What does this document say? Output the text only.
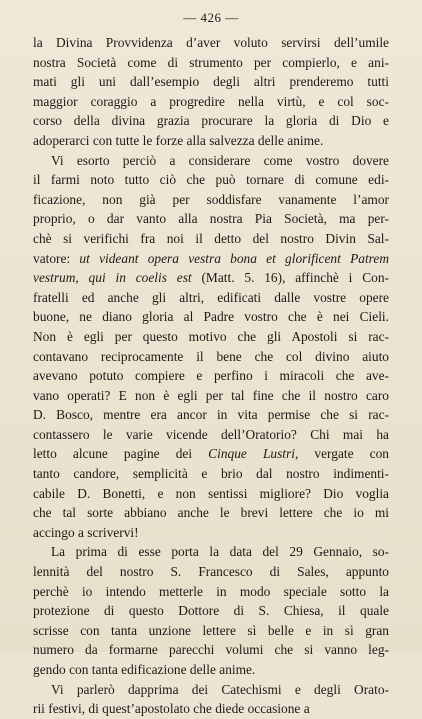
— 426 —
la Divina Provvidenza d’aver voluto servirsi dell’umile
nostra Società come di strumento per compierlo, e ani-
mati gli uni dall’esempio degli altri prenderemo tutti
maggior coraggio a progredire nella virtù, e col soc-
corso della divina grazia procurare la gloria di Dio e
adoperarci con tutte le forze alla salvezza delle anime.
Vi esorto perciò a considerare come vostro dovere
il farmi noto tutto ciò che può tornare di comune edi-
ficazione, non già per soddisfare vanamente l’amor
proprio, o dar vanto alla nostra Pia Società, ma per-
chè si verifichi fra noi il detto del nostro Divin Sal-
vatore: ut videant opera vestra bona et glorificent Patrem
vestrum, qui in coelis est (Matt. 5. 16), affinchè i Con-
fratelli ed anche gli altri, edificati dalle vostre opere
buone, ne diano gloria al Padre vostro che è nei Cieli.
Non è egli per questo motivo che gli Apostoli si rac-
contavano reciprocamente il bene che col divino aiuto
avevano potuto compiere e perfino i miracoli che ave-
vano operati? E non è egli per tal fine che il nostro caro
D. Bosco, mentre era ancor in vita permise che si rac-
contassero le varie vicende dell’Oratorio? Chi mai ha
letto alcune pagine dei Cinque Lustri, vergate con
tanto candore, semplicità e brio dal nostro indimenti-
cabile D. Bonetti, e non sentissi migliore? Dio voglia
che tal sorte abbiano anche le brevi lettere che io mi
accingo a scrivervi!
La prima di esse porta la data del 29 Gennaio, so-
lennità del nostro S. Francesco di Sales, appunto
perchè io intendo metterle in modo speciale sotto la
protezione di questo Dottore di S. Chiesa, il quale
scrisse con tanta unzione lettere sì belle e in sì gran
numero da formarne parecchi volumi che si vanno leg-
gendo con tanta edificazione delle anime.
Vi parlerò dapprima dei Catechismi e degli Orato-
rii festivi, di quest’apostolato che diede occasione a
